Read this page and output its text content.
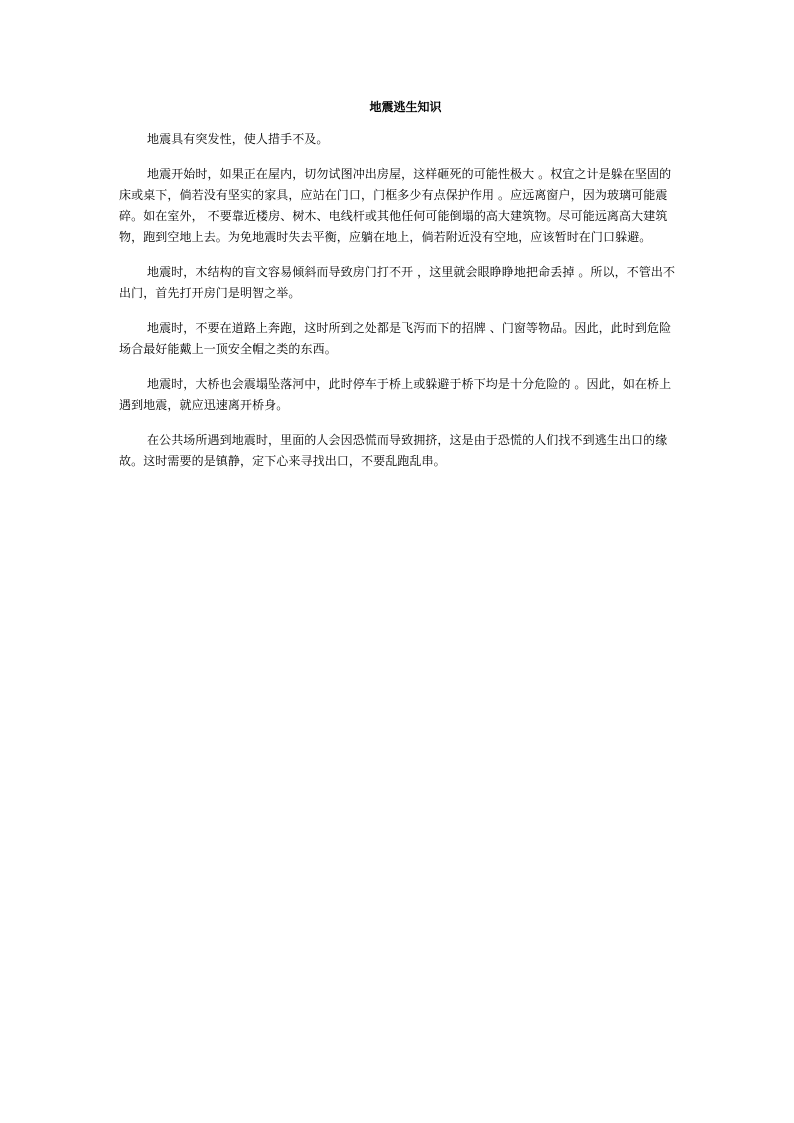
地震逃生知识

地震具有突发性，使人措手不及。

地震开始时，如果正在屋内，切勿试图冲出房屋，这样砸死的可能性极大 。权宜之计是躲在坚固的床或桌下，倘若没有坚实的家具，应站在门口，门框多少有点保护作用 。应远离窗户，因为玻璃可能震碎。如在室外， 不要靠近楼房、树木、电线杆或其他任何可能倒塌的高大建筑物。尽可能远离高大建筑物，跑到空地上去。为免地震时失去平衡，应躺在地上，倘若附近没有空地，应该暂时在门口躲避。

地震时，木结构的盲文容易倾斜而导致房门打不开 ，这里就会眼睁睁地把命丢掉 。所以，不管出不出门，首先打开房门是明智之举。

地震时，不要在道路上奔跑，这时所到之处都是飞泻而下的招牌 、门窗等物品。因此，此时到危险场合最好能戴上一顶安全帽之类的东西。

地震时，大桥也会震塌坠落河中，此时停车于桥上或躲避于桥下均是十分危险的 。因此，如在桥上遇到地震，就应迅速离开桥身。

在公共场所遇到地震时，里面的人会因恐慌而导致拥挤，这是由于恐慌的人们找不到逃生出口的缘故。这时需要的是镇静，定下心来寻找出口，不要乱跑乱串。
